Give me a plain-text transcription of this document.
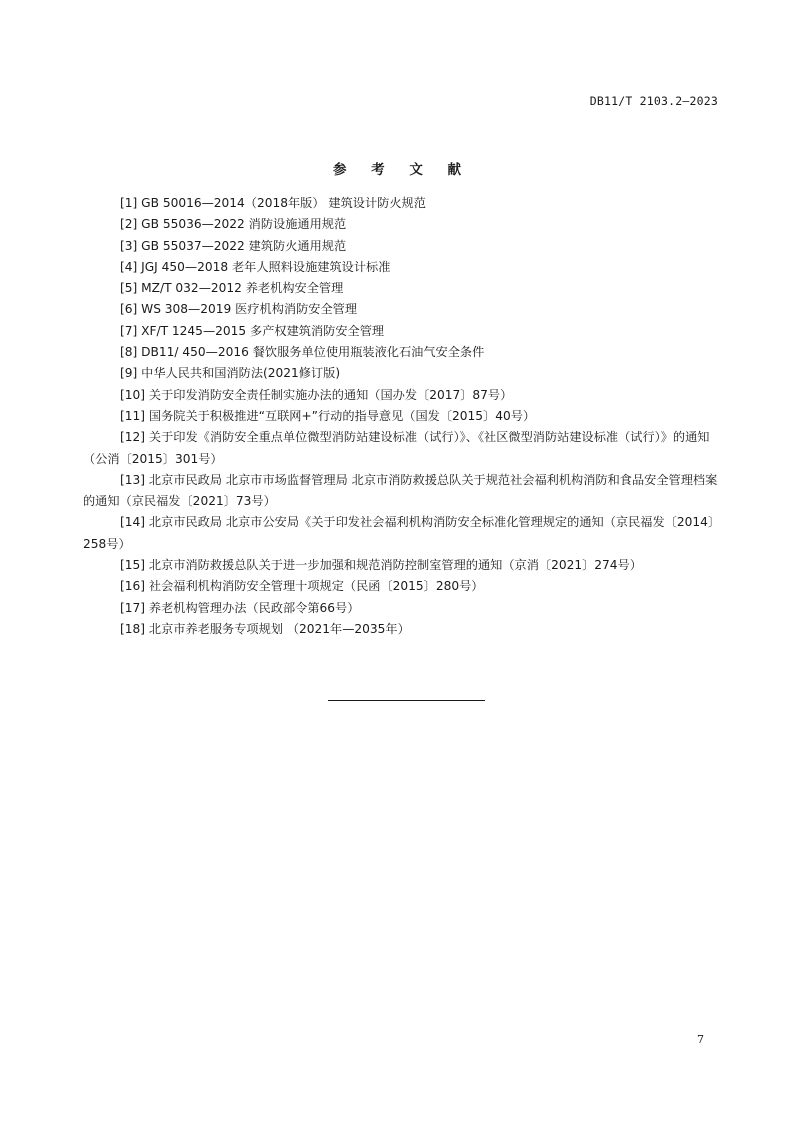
DB11/T 2103.2—2023
参 考 文 献
[1] GB 50016—2014（2018年版） 建筑设计防火规范
[2] GB 55036—2022 消防设施通用规范
[3] GB 55037—2022 建筑防火通用规范
[4] JGJ 450—2018 老年人照料设施建筑设计标准
[5] MZ/T 032—2012 养老机构安全管理
[6] WS 308—2019 医疗机构消防安全管理
[7] XF/T 1245—2015 多产权建筑消防安全管理
[8] DB11/ 450—2016 餐饮服务单位使用瓶装液化石油气安全条件
[9] 中华人民共和国消防法(2021修订版)
[10] 关于印发消防安全责任制实施办法的通知（国办发〔2017〕87号）
[11] 国务院关于积极推进“互联网+”行动的指导意见（国发〔2015〕40号）
[12] 关于印发《消防安全重点单位微型消防站建设标准（试行）》、《社区微型消防站建设标准（试行）》的通知（公消〔2015〕301号）
[13] 北京市民政局 北京市市场监督管理局 北京市消防救援总队关于规范社会福利机构消防和食品安全管理档案的通知（京民福发〔2021〕73号）
[14] 北京市民政局 北京市公安局《关于印发社会福利机构消防安全标准化管理规定的通知（京民福发〔2014〕258号）
[15] 北京市消防救援总队关于进一步加强和规范消防控制室管理的通知（京消〔2021〕274号）
[16] 社会福利机构消防安全管理十项规定（民函〔2015〕280号）
[17] 养老机构管理办法（民政部令第66号）
[18] 北京市养老服务专项规划 （2021年—2035年）
7
